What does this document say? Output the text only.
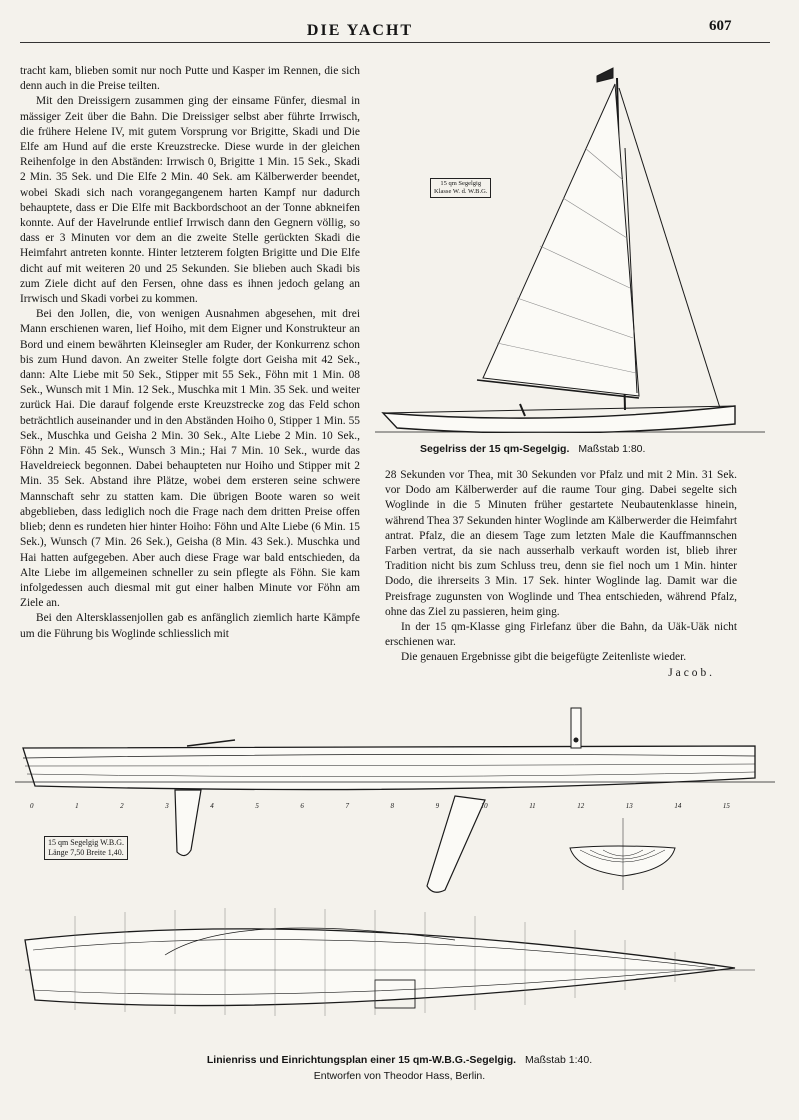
DIE YACHT	607

tracht kam, blieben somit nur noch Putte und Kasper im Rennen, die sich denn auch in die Preise teilten.

Mit den Dreissigern zusammen ging der einsame Fünfer, diesmal in mässiger Zeit über die Bahn. Die Dreissiger selbst aber führte Irrwisch, die frühere Helene IV, mit gutem Vorsprung vor Brigitte, Skadi und Die Elfe am Hund auf die erste Kreuzstrecke. Diese wurde in der gleichen Reihenfolge in den Abständen: Irrwisch 0, Brigitte 1 Min. 15 Sek., Skadi 2 Min. 35 Sek. und Die Elfe 2 Min. 40 Sek. am Kälberwerder beendet, wobei Skadi sich nach vorangegangenem harten Kampf nur dadurch behauptete, dass er Die Elfe mit Backbordschoot an der Tonne abkneifen konnte. Auf der Havelrunde entlief Irrwisch dann den Gegnern völlig, so dass er 3 Minuten vor dem an die zweite Stelle gerückten Skadi die Heimfahrt antreten konnte. Hinter letzterem folgten Brigitte und Die Elfe dicht auf mit weiteren 20 und 25 Sekunden. Sie blieben auch Skadi bis zum Ziele dicht auf den Fersen, ohne dass es ihnen jedoch gelang an Irrwisch und Skadi vorbei zu kommen.

Bei den Jollen, die, von wenigen Ausnahmen abgesehen, mit drei Mann erschienen waren, lief Hoiho, mit dem Eigner und Konstrukteur an Bord und einem bewährten Kleinsegler am Ruder, der Konkurrenz schon bis zum Hund davon. An zweiter Stelle folgte dort Geisha mit 42 Sek., dann: Alte Liebe mit 50 Sek., Stipper mit 55 Sek., Föhn mit 1 Min. 08 Sek., Wunsch mit 1 Min. 12 Sek., Muschka mit 1 Min. 35 Sek. und weiter zurück Hai. Die darauf folgende erste Kreuzstrecke zog das Feld schon beträchtlich auseinander und in den Abständen Hoiho 0, Stipper 1 Min. 55 Sek., Muschka und Geisha 2 Min. 30 Sek., Alte Liebe 2 Min. 10 Sek., Föhn 2 Min. 45 Sek., Wunsch 3 Min.; Hai 7 Min. 10 Sek., wurde das Haveldreieck begonnen. Dabei behaupteten nur Hoiho und Stipper mit 2 Min. 35 Sek. Abstand ihre Plätze, wobei dem ersteren seine schwere Mannschaft sehr zu statten kam. Die übrigen Boote waren so weit abgeblieben, dass lediglich noch die Frage nach dem dritten Preise offen blieb; denn es rundeten hier hinter Hoiho: Föhn und Alte Liebe (6 Min. 15 Sek.), Wunsch (7 Min. 26 Sek.), Geisha (8 Min. 43 Sek.). Muschka und Hai hatten aufgegeben. Aber auch diese Frage war bald entschieden, da Alte Liebe im allgemeinen schneller zu sein pflegte als Föhn. Sie kam infolgedessen auch diesmal mit gut einer halben Minute vor Föhn am Ziele an.

Bei den Altersklassenjollen gab es anfänglich ziemlich harte Kämpfe um die Führung bis Woglinde schliesslich mit

15 qm Segelgig
Klasse W. d. W.B.G.
Segelriss der 15 qm-Segelgig. Maßstab 1:80.

28 Sekunden vor Thea, mit 30 Sekunden vor Pfalz und mit 2 Min. 31 Sek. vor Dodo am Kälberwerder auf die raume Tour ging. Dabei segelte sich Woglinde in die 5 Minuten früher gestartete Neubautenklasse hinein, während Thea 37 Sekunden hinter Woglinde am Kälberwerder die Heimfahrt antrat. Pfalz, die an diesem Tage zum letzten Male die Kauffmannschen Farben vertrat, da sie nach ausserhalb verkauft worden ist, blieb ihrer Tradition nicht bis zum Schluss treu, denn sie fiel noch um 1 Min. hinter Dodo, die ihrerseits 3 Min. 17 Sek. hinter Woglinde lag. Damit war die Preisfrage zugunsten von Woglinde und Thea entschieden, während Pfalz, ohne das Ziel zu passieren, heim ging.

In der 15 qm-Klasse ging Firlefanz über die Bahn, da Uäk-Uäk nicht erschienen war.

Die genauen Ergebnisse gibt die beigefügte Zeitenliste wieder.

Jacob.
0	1	2	3	4	5	6	7	8	9	10	11	12	13	14	15
15 qm Segelgig W.B.G.
Länge 7,50 Breite 1,40.
Linienriss und Einrichtungsplan einer 15 qm-W.B.G.-Segelgig. Maßstab 1:40.
Entworfen von Theodor Hass, Berlin.
